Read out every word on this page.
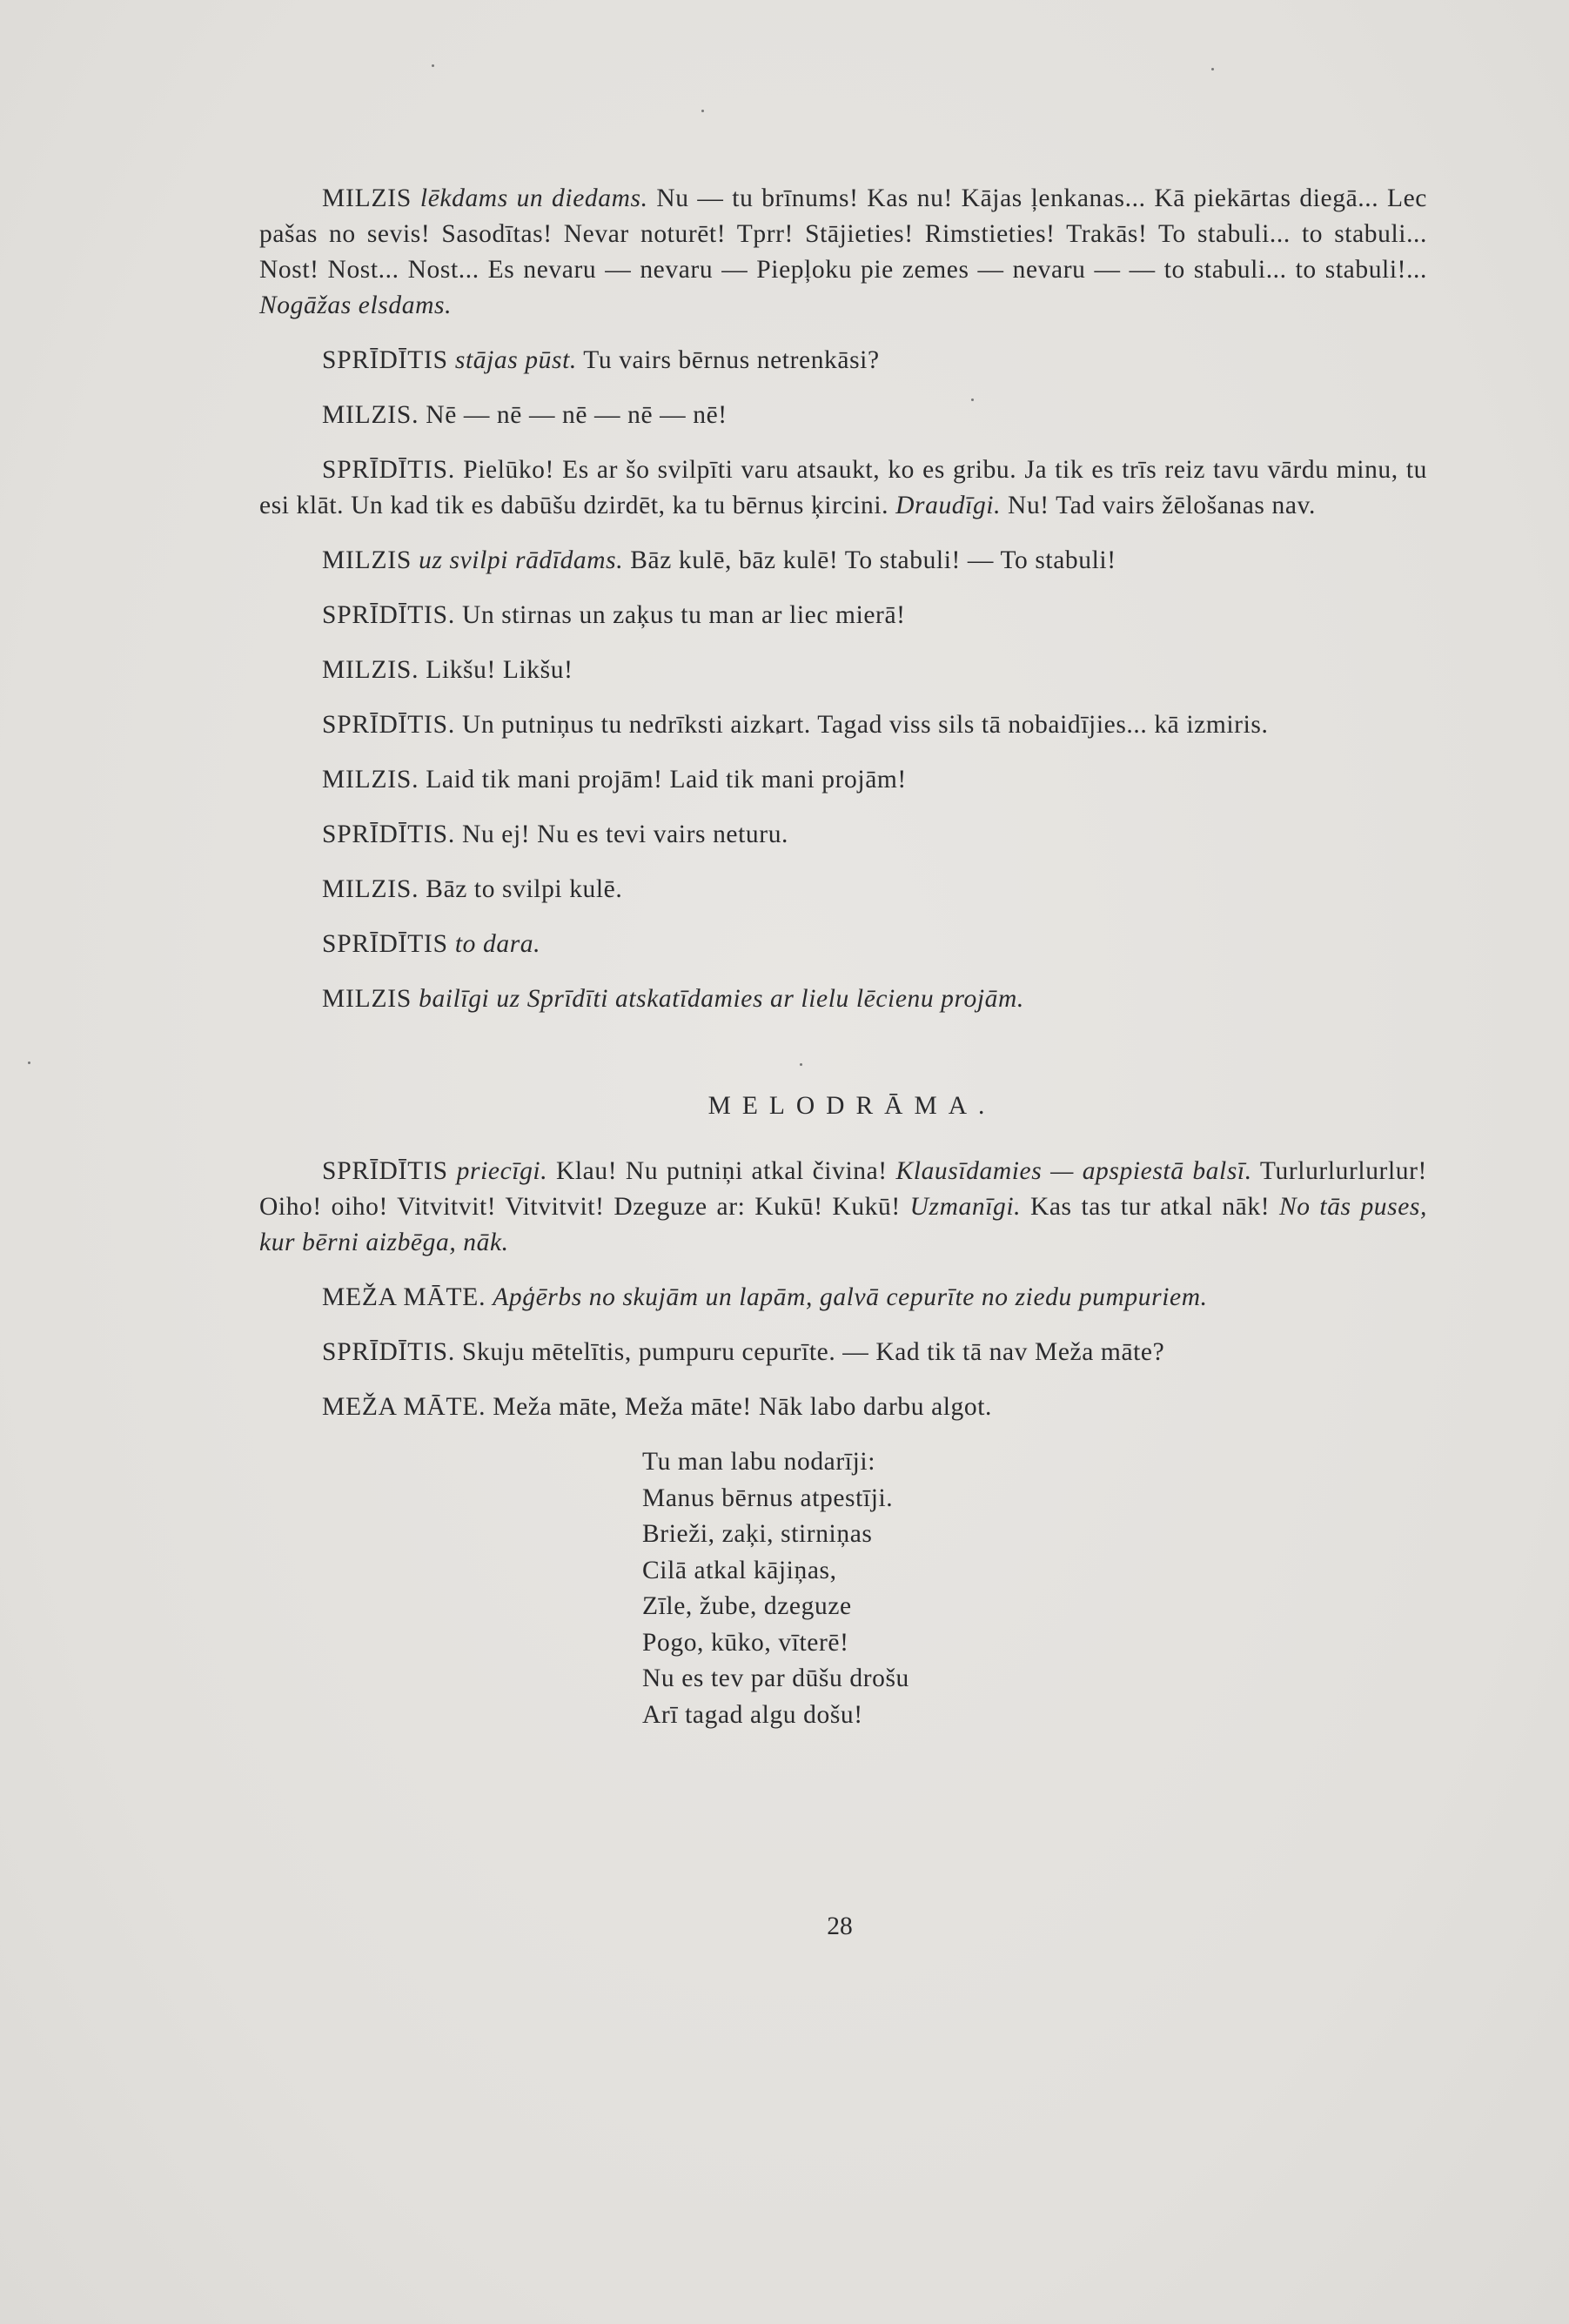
MILZIS lēkdams un diedams. Nu — tu brīnums! Kas nu! Kājas ļenkanas... Kā piekārtas diegā... Lec pašas no sevis! Sasodītas! Nevar noturēt! Tprr! Stājieties! Rimstieties! Trakās! To stabuli... to stabuli... Nost! Nost... Nost... Es nevaru — nevaru — Piepļoku pie zemes — nevaru — — to stabuli... to stabuli!... Nogāžas elsdams.
SPRĪDĪTIS stājas pūst. Tu vairs bērnus netrenkāsi?
MILZIS. Nē — nē — nē — nē — nē!
SPRĪDĪTIS. Pielūko! Es ar šo svilpīti varu atsaukt, ko es gribu. Ja tik es trīs reiz tavu vārdu minu, tu esi klāt. Un kad tik es dabūšu dzirdēt, ka tu bērnus ķircini. Draudīgi. Nu! Tad vairs žēlošanas nav.
MILZIS uz svilpi rādīdams. Bāz kulē, bāz kulē! To stabuli! — To stabuli!
SPRĪDĪTIS. Un stirnas un zaķus tu man ar liec mierā!
MILZIS. Likšu! Likšu!
SPRĪDĪTIS. Un putniņus tu nedrīksti aizkart. Tagad viss sils tā nobaidījies... kā izmiris.
MILZIS. Laid tik mani projām! Laid tik mani projām!
SPRĪDĪTIS. Nu ej! Nu es tevi vairs neturu.
MILZIS. Bāz to svilpi kulē.
SPRĪDĪTIS to dara.
MILZIS bailīgi uz Sprīdīti atskatīdamies ar lielu lēcienu projām.
MELODRĀMA.
SPRĪDĪTIS priecīgi. Klau! Nu putniņi atkal čivina! Klausīdamies — apspiestā balsī. Turlurlurlurlur! Oiho! oiho! Vitvitvit! Vitvitvit! Dzeguze ar: Kukū! Kukū! Uzmanīgi. Kas tas tur atkal nāk! No tās puses, kur bērni aizbēga, nāk.
MEŽA MĀTE. Apģērbs no skujām un lapām, galvā cepurīte no ziedu pumpuriem.
SPRĪDĪTIS. Skuju mētelītis, pumpuru cepurīte. — Kad tik tā nav Meža māte?
MEŽA MĀTE. Meža māte, Meža māte! Nāk labo darbu algot.
Tu man labu nodarīji:
Manus bērnus atpestīji.
Brieži, zaķi, stirniņas
Cilā atkal kājiņas,
Zīle, žube, dzeguze
Pogo, kūko, vīterē!
Nu es tev par dūšu drošu
Arī tagad algu došu!
28
